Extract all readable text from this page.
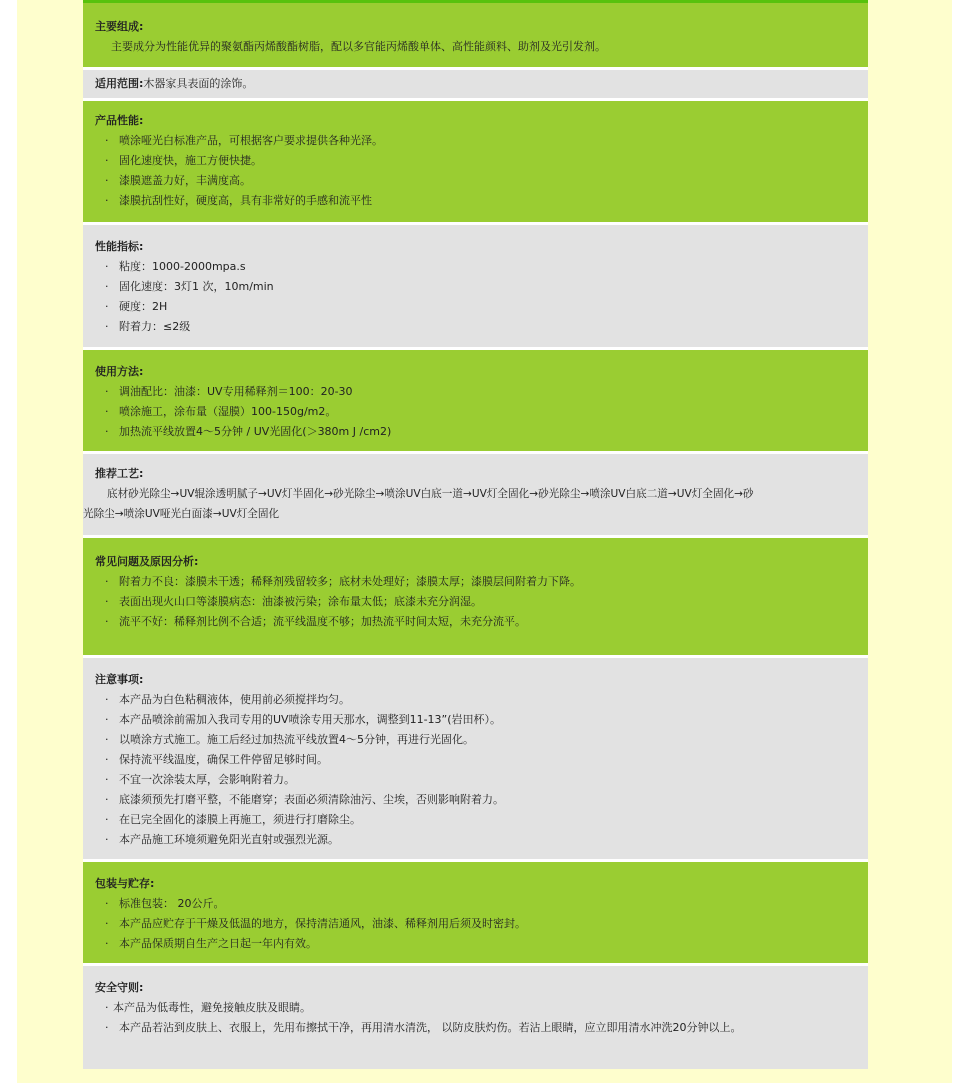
主要组成:
主要成分为性能优异的聚氨酯丙烯酸酯树脂，配以多官能丙烯酸单体、高性能颜料、助剂及光引发剂。
适用范围:木器家具表面的涂饰。
产品性能:
· 喷涂哑光白标准产品，可根据客户要求提供各种光泽。
· 固化速度快，施工方便快捷。
· 漆膜遮盖力好，丰满度高。
· 漆膜抗刮性好，硬度高，具有非常好的手感和流平性
性能指标:
· 粘度：1000-2000mpa.s
· 固化速度：3灯1 次，10m/min
· 硬度：2H
· 附着力：≤2级
使用方法:
· 调油配比：油漆：UV专用稀释剂＝100：20-30
· 喷涂施工，涂布量（湿膜）100-150g/m2。
· 加热流平线放置4～5分钟 / UV光固化(＞380m J /cm2)
推荐工艺:
底材砂光除尘→UV辊涂透明腻子→UV灯半固化→砂光除尘→喷涂UV白底一道→UV灯全固化→砂光除尘→喷涂UV白底二道→UV灯全固化→砂
光除尘→喷涂UV哑光白面漆→UV灯全固化
常见问题及原因分析:
· 附着力不良：漆膜未干透；稀释剂残留较多；底材未处理好；漆膜太厚；漆膜层间附着力下降。
· 表面出现火山口等漆膜病态：油漆被污染；涂布量太低；底漆未充分润湿。
· 流平不好：稀释剂比例不合适；流平线温度不够；加热流平时间太短，未充分流平。
注意事项:
· 本产品为白色粘稠液体，使用前必须搅拌均匀。
· 本产品喷涂前需加入我司专用的UV喷涂专用天那水，调整到11-13”(岩田杯）。
· 以喷涂方式施工。施工后经过加热流平线放置4～5分钟，再进行光固化。
· 保持流平线温度，确保工件停留足够时间。
· 不宜一次涂装太厚，会影响附着力。
· 底漆须预先打磨平整，不能磨穿；表面必须清除油污、尘埃，否则影响附着力。
· 在已完全固化的漆膜上再施工，须进行打磨除尘。
· 本产品施工环境须避免阳光直射或强烈光源。
包装与贮存:
· 标准包装： 20公斤。
· 本产品应贮存于干燥及低温的地方，保持清洁通风，油漆、稀释剂用后须及时密封。
· 本产品保质期自生产之日起一年内有效。
安全守则:
· 本产品为低毒性，避免接触皮肤及眼睛。
· 本产品若沾到皮肤上、衣服上，先用布擦拭干净，再用清水清洗， 以防皮肤灼伤。若沾上眼睛，应立即用清水冲洗20分钟以上。
